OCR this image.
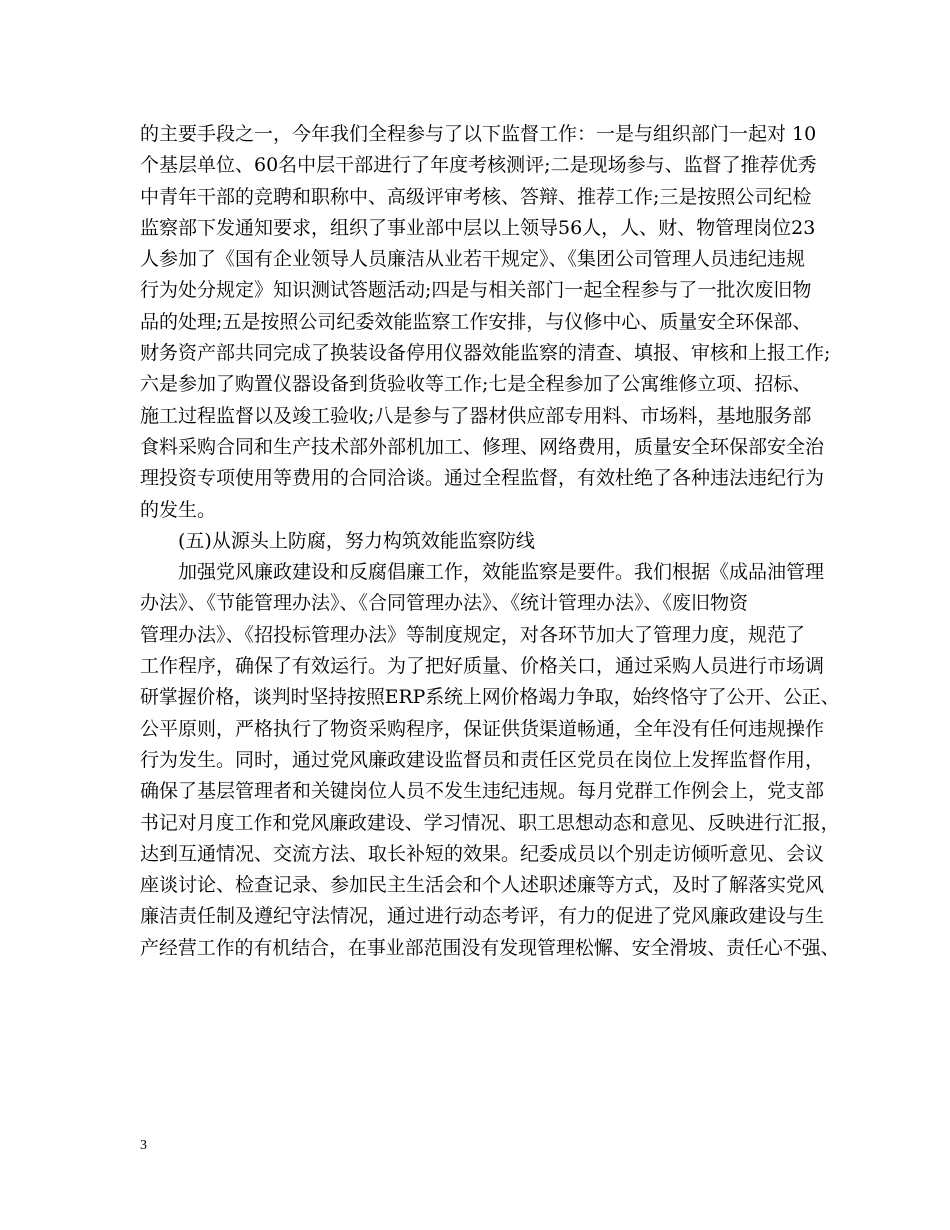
的主要手段之一，今年我们全程参与了以下监督工作：一是与组织部门一起对 10
个基层单位、60名中层干部进行了年度考核测评;二是现场参与、监督了推荐优秀
中青年干部的竞聘和职称中、高级评审考核、答辩、推荐工作;三是按照公司纪检
监察部下发通知要求，组织了事业部中层以上领导56人，人、财、物管理岗位23
人参加了《国有企业领导人员廉洁从业若干规定》、《集团公司管理人员违纪违规
行为处分规定》知识测试答题活动;四是与相关部门一起全程参与了一批次废旧物
品的处理;五是按照公司纪委效能监察工作安排，与仪修中心、质量安全环保部、
财务资产部共同完成了换装设备停用仪器效能监察的清查、填报、审核和上报工作;
六是参加了购置仪器设备到货验收等工作;七是全程参加了公寓维修立项、招标、
施工过程监督以及竣工验收;八是参与了器材供应部专用料、市场料，基地服务部
食料采购合同和生产技术部外部机加工、修理、网络费用，质量安全环保部安全治
理投资专项使用等费用的合同洽谈。通过全程监督，有效杜绝了各种违法违纪行为
的发生。
(五)从源头上防腐，努力构筑效能监察防线
加强党风廉政建设和反腐倡廉工作，效能监察是要件。我们根据《成品油管理
办法》、《节能管理办法》、《合同管理办法》、《统计管理办法》、《废旧物资
管理办法》、《招投标管理办法》等制度规定，对各环节加大了管理力度，规范了
工作程序，确保了有效运行。为了把好质量、价格关口，通过采购人员进行市场调
研掌握价格，谈判时坚持按照ERP系统上网价格竭力争取，始终恪守了公开、公正、
公平原则，严格执行了物资采购程序，保证供货渠道畅通，全年没有任何违规操作
行为发生。同时，通过党风廉政建设监督员和责任区党员在岗位上发挥监督作用，
确保了基层管理者和关键岗位人员不发生违纪违规。每月党群工作例会上，党支部
书记对月度工作和党风廉政建设、学习情况、职工思想动态和意见、反映进行汇报，
达到互通情况、交流方法、取长补短的效果。纪委成员以个别走访倾听意见、会议
座谈讨论、检查记录、参加民主生活会和个人述职述廉等方式，及时了解落实党风
廉洁责任制及遵纪守法情况，通过进行动态考评，有力的促进了党风廉政建设与生
产经营工作的有机结合，在事业部范围没有发现管理松懈、安全滑坡、责任心不强、
3
